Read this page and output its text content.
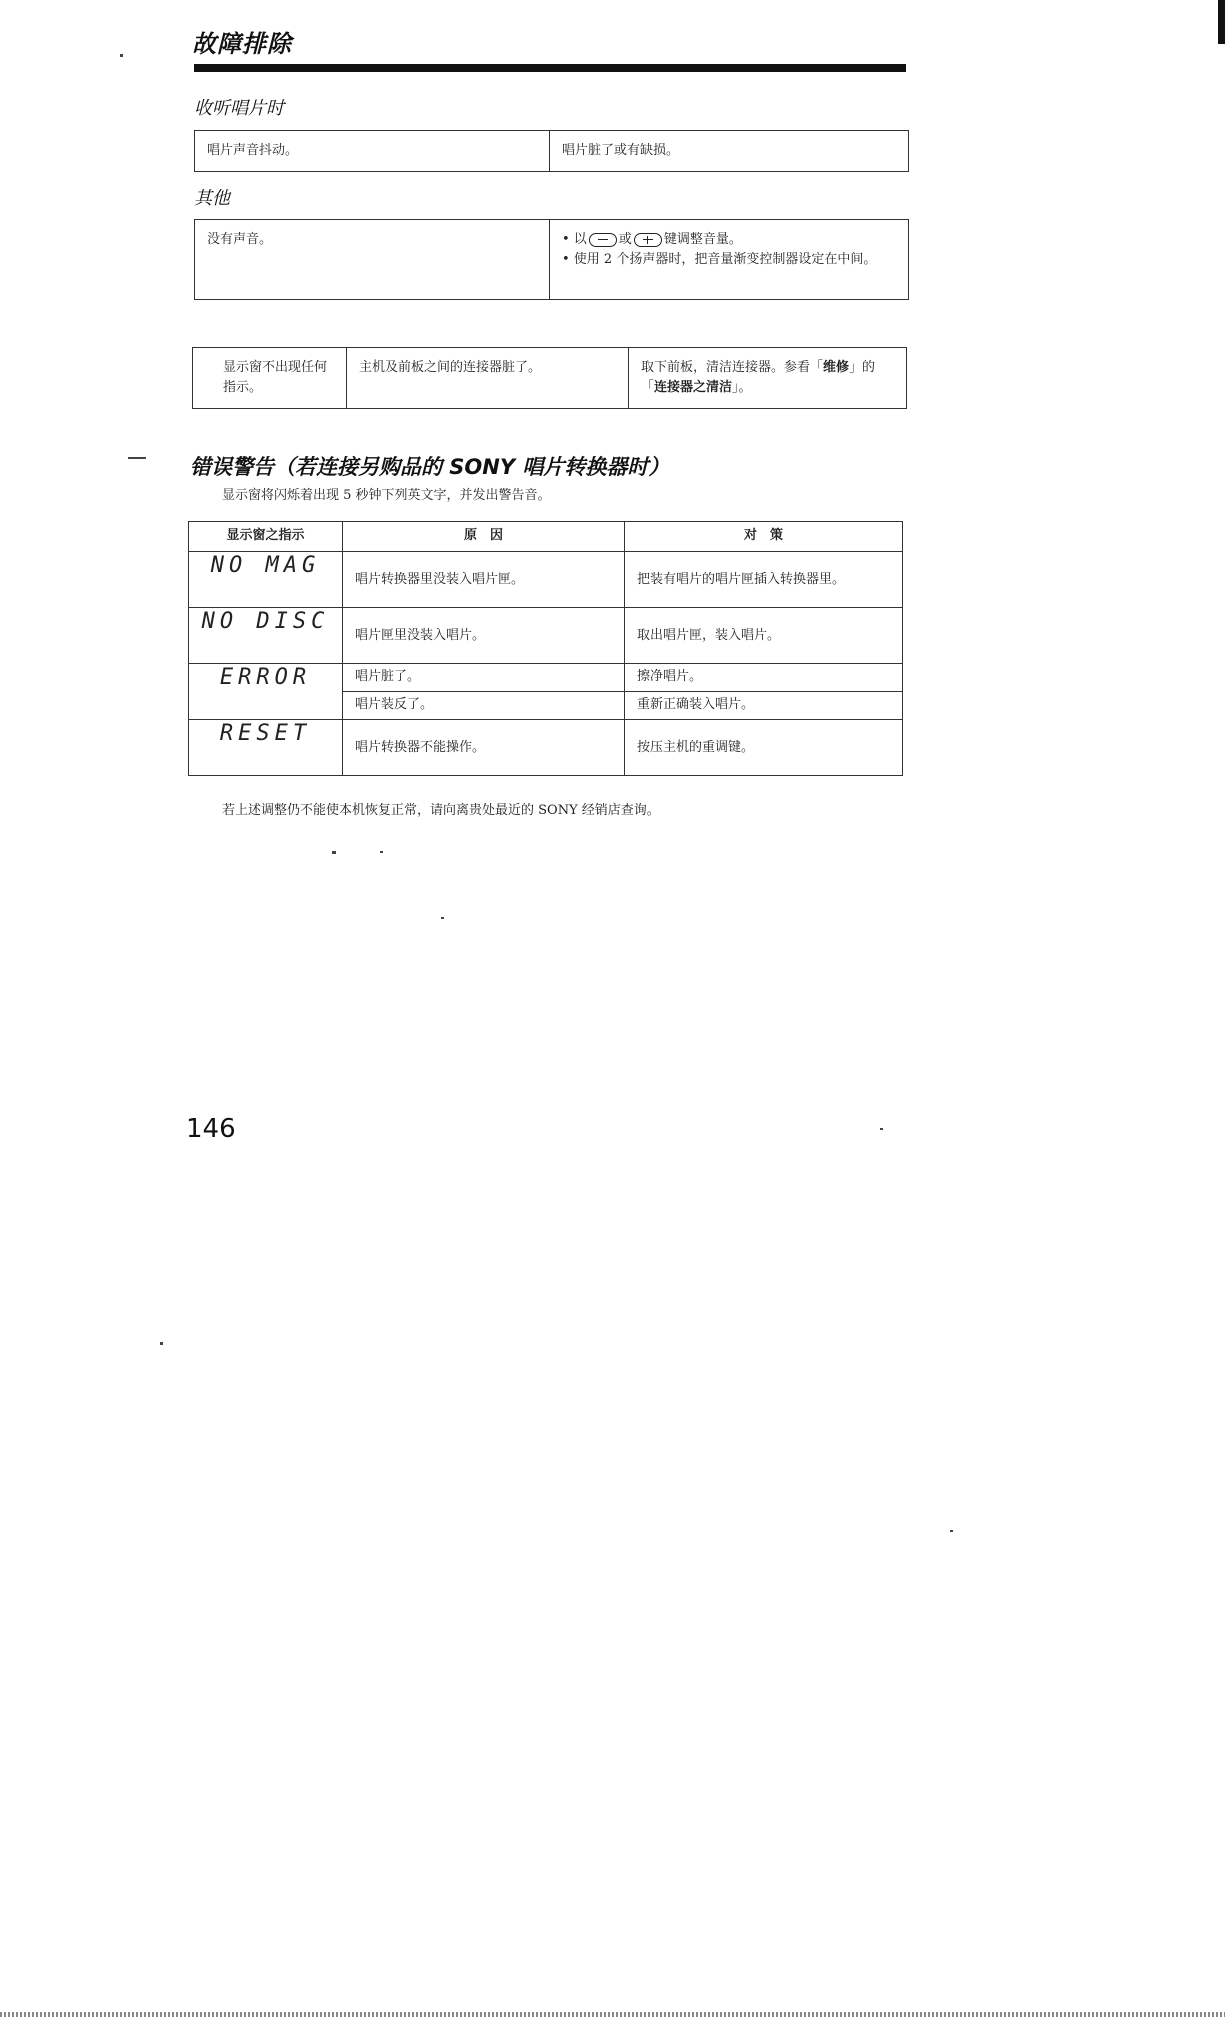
故障排除
收听唱片时
唱片声音抖动。	唱片脏了或有缺损。
其他
没有声音。	• 以 或 键调整音量。
• 使用 2 个扬声器时，把音量渐变控制器设定在中间。
显示窗不出现任何指示。	主机及前板之间的连接器脏了。	取下前板，清洁连接器。参看「维修」的「连接器之清洁」。
错误警告（若连接另购品的 SONY 唱片转换器时）
显示窗将闪烁着出现 5 秒钟下列英文字，并发出警告音。
显示窗之指示	原　因	对　策
NO MAG	唱片转换器里没装入唱片匣。	把装有唱片的唱片匣插入转换器里。
NO DISC	唱片匣里没装入唱片。	取出唱片匣，装入唱片。
ERROR	唱片脏了。	擦净唱片。
	唱片装反了。	重新正确装入唱片。
RESET	唱片转换器不能操作。	按压主机的重调键。
若上述调整仍不能使本机恢复正常，请向离贵处最近的 SONY 经销店查询。
146
